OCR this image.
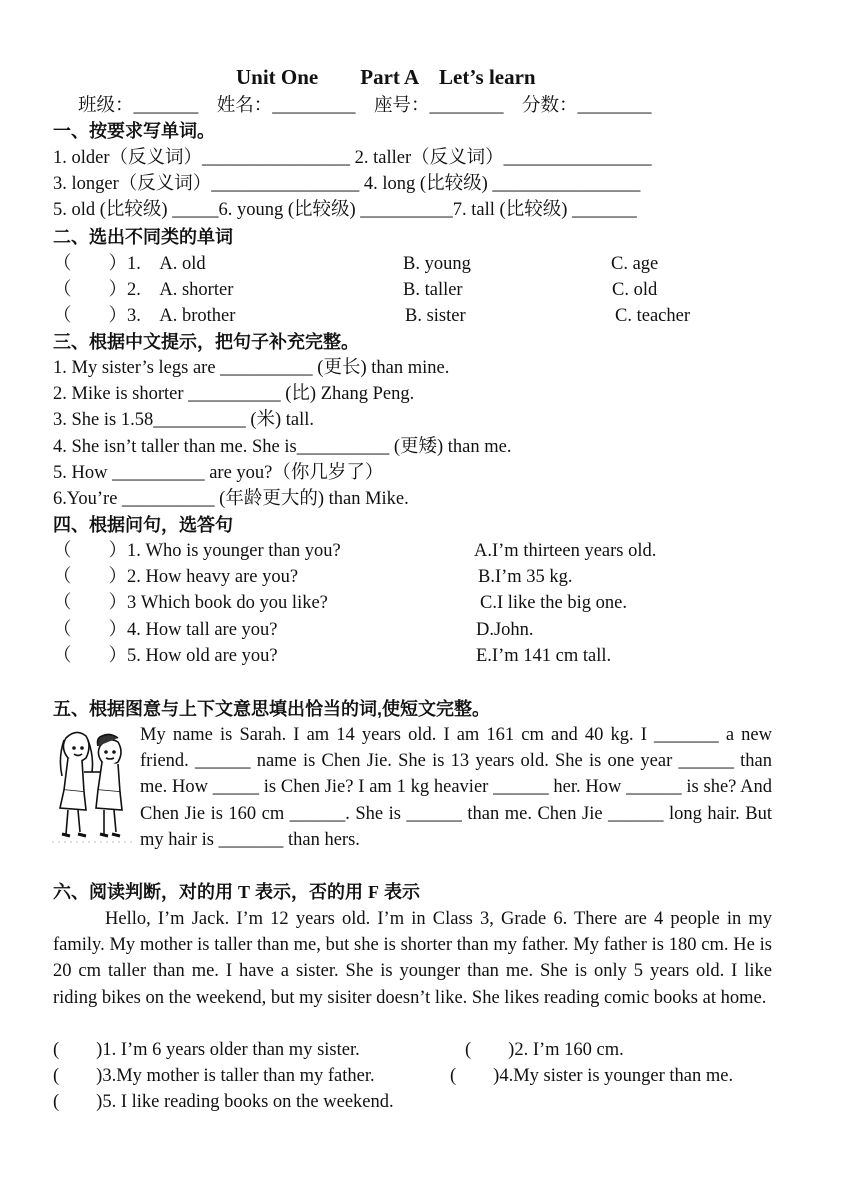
Unit One        Part A    Let’s learn
班级：_______    姓名：_________    座号：________    分数：________
一、按要求写单词。
1. older（反义词）________________ 2. taller（反义词）________________
3. longer（反义词）________________ 4. long (比较级) ________________
5. old (比较级) _____6. young (比较级) __________7. tall (比较级) _______
二、选出不同类的单词
（        ）1.    A. old	B. young	C. age
（        ）2.    A. shorter	B. taller	C. old
（        ）3.    A. brother	B. sister	C. teacher
三、根据中文提示，把句子补充完整。
1. My sister’s legs are __________ (更长) than mine.
2. Mike is shorter __________ (比) Zhang Peng.
3. She is 1.58__________ (米) tall.
4. She isn’t taller than me. She is__________ (更矮) than me.
5. How __________ are you?（你几岁了）
6.You’re __________ (年龄更大的) than Mike.
四、根据问句，选答句
（        ）1. Who is younger than you?	A.I’m thirteen years old.
（        ）2. How heavy are you?	B.I’m 35 kg.
（        ）3 Which book do you like?	C.I like the big one.
（        ）4. How tall are you?	D.John.
（        ）5. How old are you?	E.I’m 141 cm tall.
五、根据图意与上下文意思填出恰当的词,使短文完整。
My name is Sarah. I am 14 years old. I am 161 cm and 40 kg. I _______ a new friend. ______ name is Chen Jie. She is 13 years old. She is one year ______ than me. How _____ is Chen Jie? I am 1 kg heavier ______ her. How ______ is she? And Chen Jie is 160 cm ______. She is ______ than me. Chen Jie ______ long hair. But my hair is _______ than hers.
六、阅读判断，对的用 T 表示，否的用 F 表示
Hello, I’m Jack. I’m 12 years old. I’m in Class 3, Grade 6. There are 4 people in my family. My mother is taller than me, but she is shorter than my father. My father is 180 cm. He is 20 cm taller than me. I have a sister. She is younger than me. She is only 5 years old. I like riding bikes on the weekend, but my sisiter doesn’t like. She likes reading comic books at home.
(        )1. I’m 6 years older than my sister.	(        )2. I’m 160 cm.
(        )3.My mother is taller than my father.	(        )4.My sister is younger than me.
(        )5. I like reading books on the weekend.
